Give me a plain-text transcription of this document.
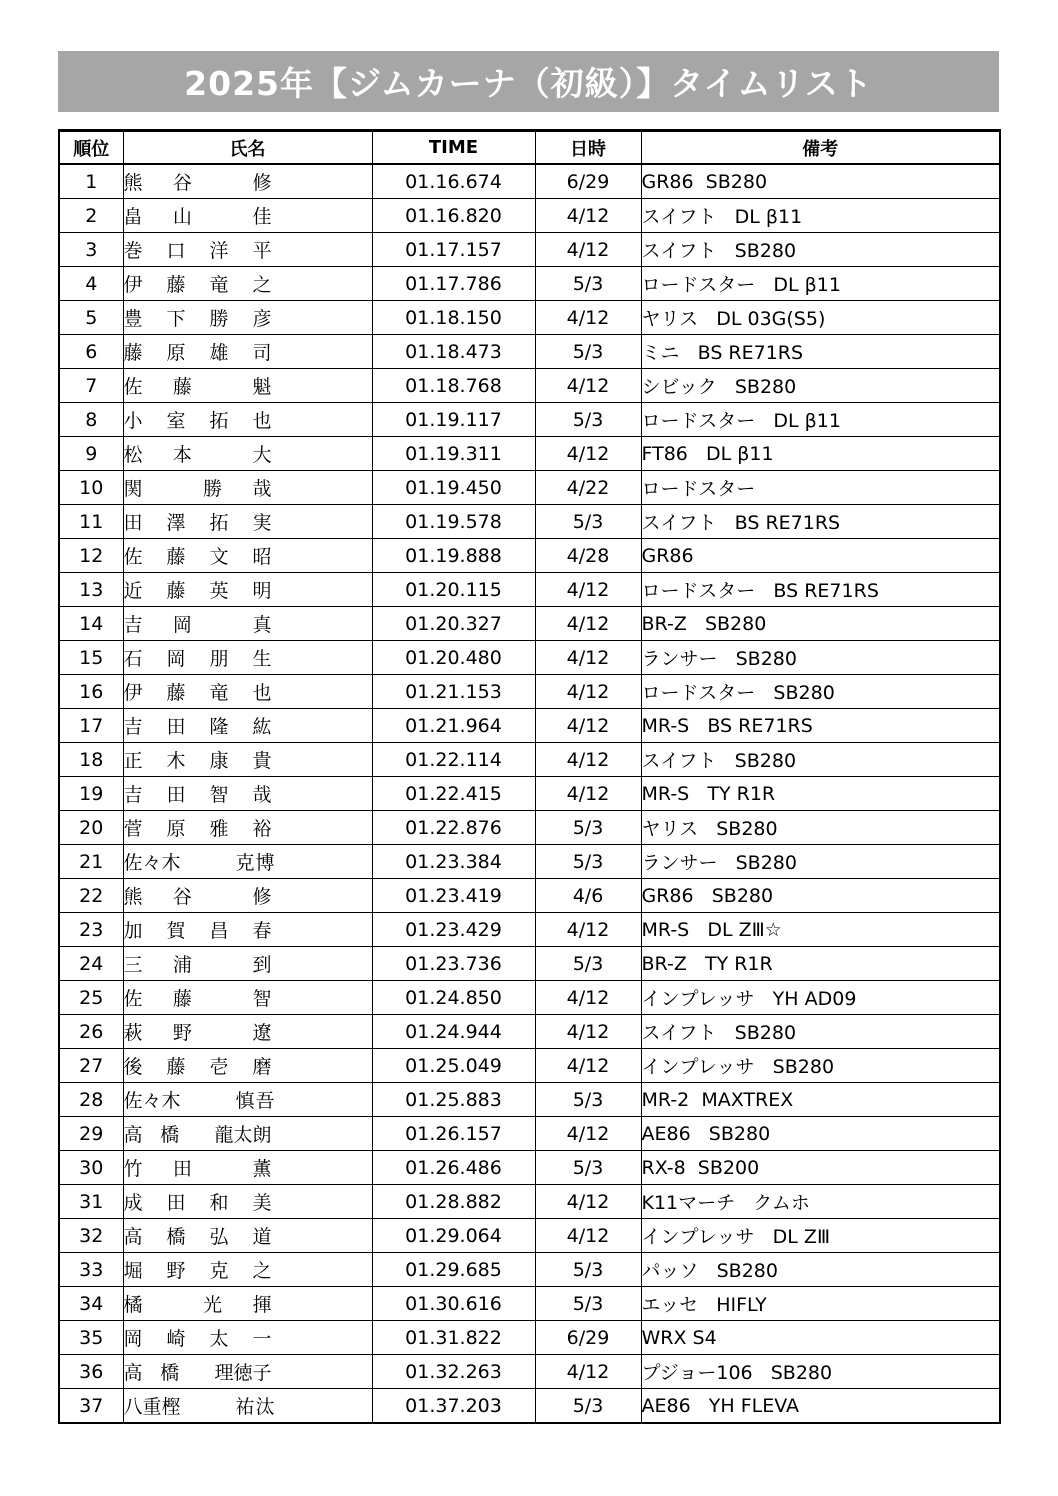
2025年【ジムカーナ（初級）】タイムリスト
順位	氏名	TIME	日時	備考
1	熊 谷 修	01.16.674	6/29	GR86  SB280
2	畠 山 佳	01.16.820	4/12	スイフト   DL β11
3	巻 口 洋 平	01.17.157	4/12	スイフト   SB280
4	伊 藤 竜 之	01.17.786	5/3	ロードスター   DL β11
5	豊 下 勝 彦	01.18.150	4/12	ヤリス   DL 03G(S5)
6	藤 原 雄 司	01.18.473	5/3	ミニ   BS RE71RS
7	佐 藤 魁	01.18.768	4/12	シビック   SB280
8	小 室 拓 也	01.19.117	5/3	ロードスター   DL β11
9	松 本 大	01.19.311	4/12	FT86   DL β11
10	関 勝 哉	01.19.450	4/22	ロードスター
11	田 澤 拓 実	01.19.578	5/3	スイフト   BS RE71RS
12	佐 藤 文 昭	01.19.888	4/28	GR86
13	近 藤 英 明	01.20.115	4/12	ロードスター   BS RE71RS
14	吉 岡 真	01.20.327	4/12	BR-Z   SB280
15	石 岡 朋 生	01.20.480	4/12	ランサー   SB280
16	伊 藤 竜 也	01.21.153	4/12	ロードスター   SB280
17	吉 田 隆 紘	01.21.964	4/12	MR-S   BS RE71RS
18	正 木 康 貴	01.22.114	4/12	スイフト   SB280
19	吉 田 智 哉	01.22.415	4/12	MR-S   TY R1R
20	菅 原 雅 裕	01.22.876	5/3	ヤリス   SB280
21	佐々木 克博	01.23.384	5/3	ランサー   SB280
22	熊 谷 修	01.23.419	4/6	GR86   SB280
23	加 賀 昌 春	01.23.429	4/12	MR-S   DL ZⅢ☆
24	三 浦 到	01.23.736	5/3	BR-Z   TY R1R
25	佐 藤 智	01.24.850	4/12	インプレッサ   YH AD09
26	萩 野 遼	01.24.944	4/12	スイフト   SB280
27	後 藤 壱 磨	01.25.049	4/12	インプレッサ   SB280
28	佐々木 慎吾	01.25.883	5/3	MR-2  MAXTREX
29	高 橋 龍太朗	01.26.157	4/12	AE86   SB280
30	竹 田 薫	01.26.486	5/3	RX-8  SB200
31	成 田 和 美	01.28.882	4/12	K11マーチ   クムホ
32	高 橋 弘 道	01.29.064	4/12	インプレッサ   DL ZⅢ
33	堀 野 克 之	01.29.685	5/3	パッソ   SB280
34	橘 光 揮	01.30.616	5/3	エッセ   HIFLY
35	岡 崎 太 一	01.31.822	6/29	WRX S4
36	高 橋 理徳子	01.32.263	4/12	プジョー106   SB280
37	八重樫 祐汰	01.37.203	5/3	AE86   YH FLEVA
